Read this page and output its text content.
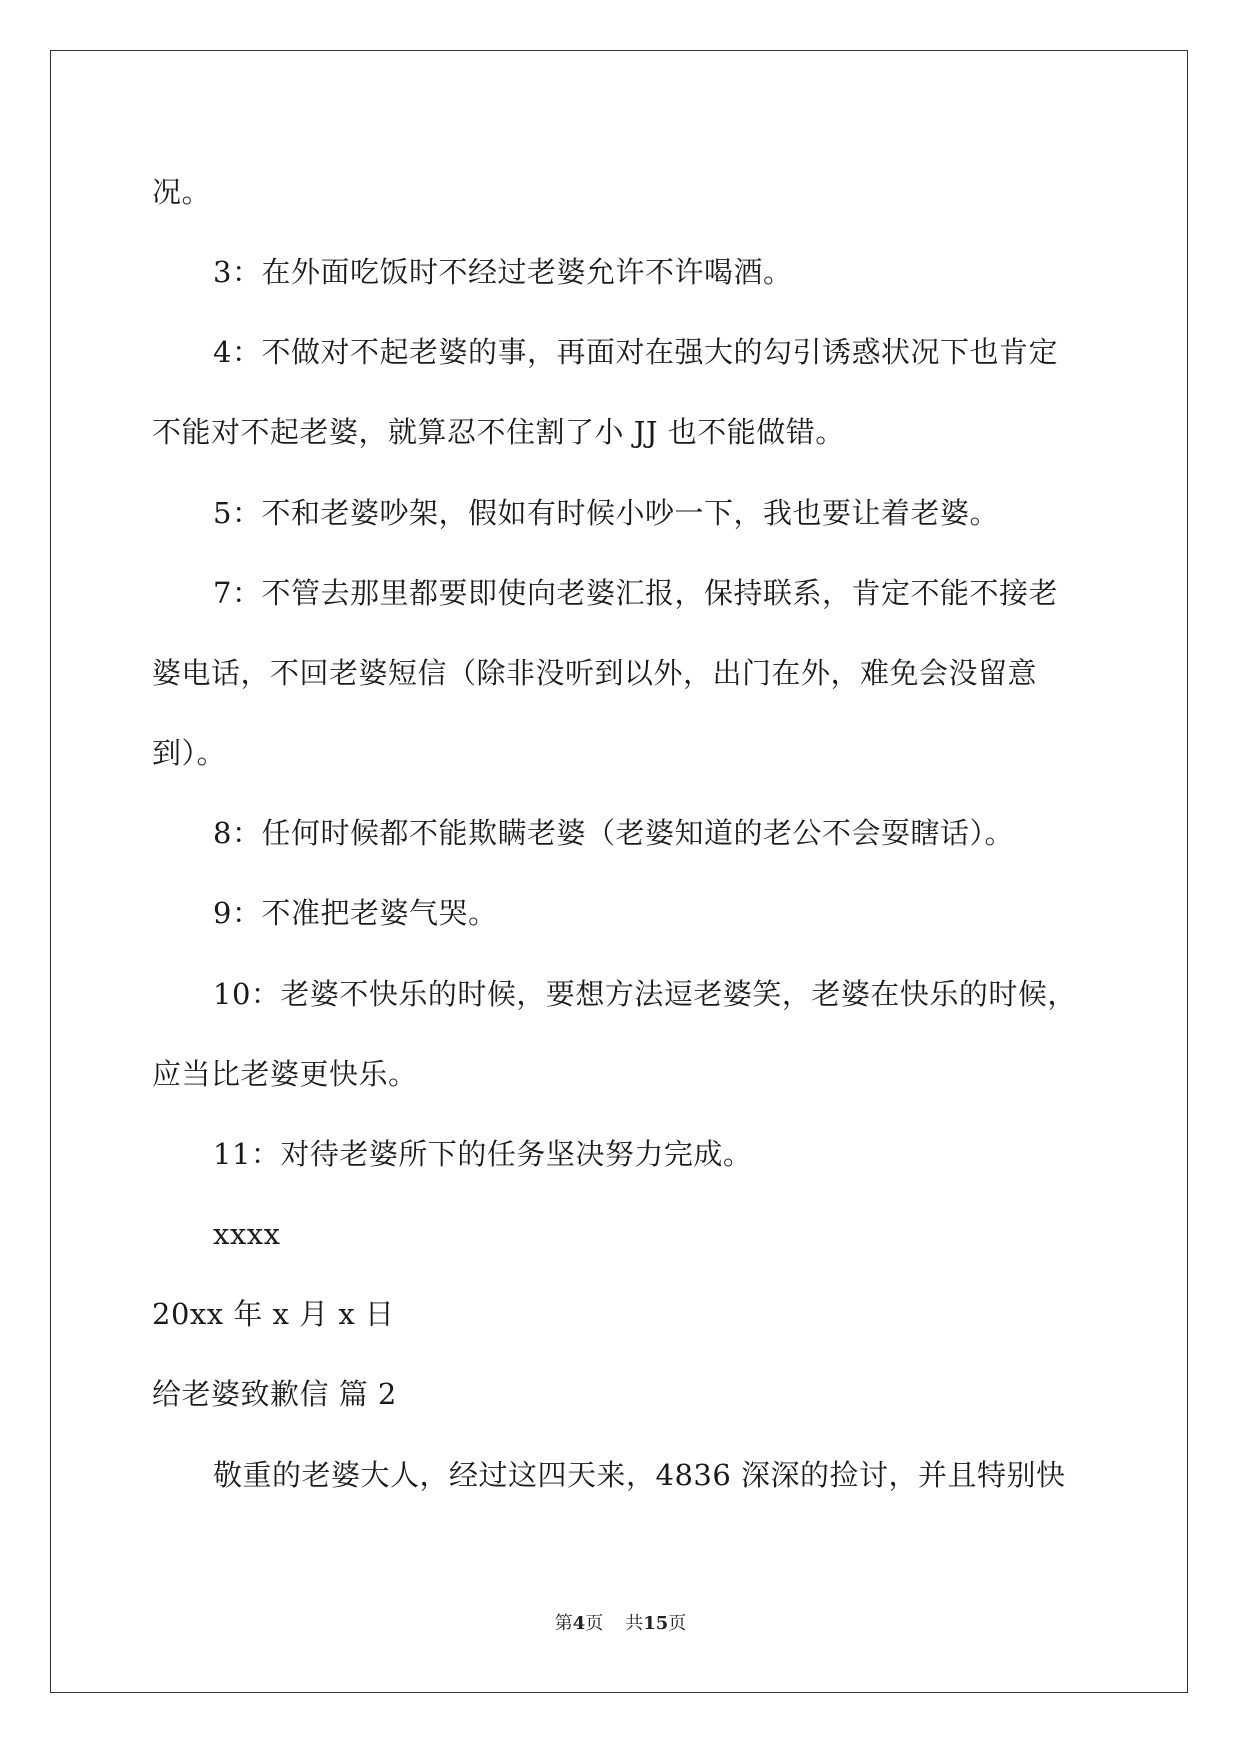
况。

3：在外面吃饭时不经过老婆允许不许喝酒。

4：不做对不起老婆的事，再面对在强大的勾引诱惑状况下也肯定

不能对不起老婆，就算忍不住割了小 JJ 也不能做错。

5：不和老婆吵架，假如有时候小吵一下，我也要让着老婆。

7：不管去那里都要即使向老婆汇报，保持联系，肯定不能不接老

婆电话，不回老婆短信（除非没听到以外，出门在外，难免会没留意

到）。

8：任何时候都不能欺瞒老婆（老婆知道的老公不会耍瞎话）。

9：不准把老婆气哭。

10：老婆不快乐的时候，要想方法逗老婆笑，老婆在快乐的时候，

应当比老婆更快乐。

11：对待老婆所下的任务坚决努力完成。

xxxx

20xx 年 x 月 x 日

给老婆致歉信 篇 2

敬重的老婆大人，经过这四天来，4836 深深的捡讨，并且特别快

第4页 共15页
